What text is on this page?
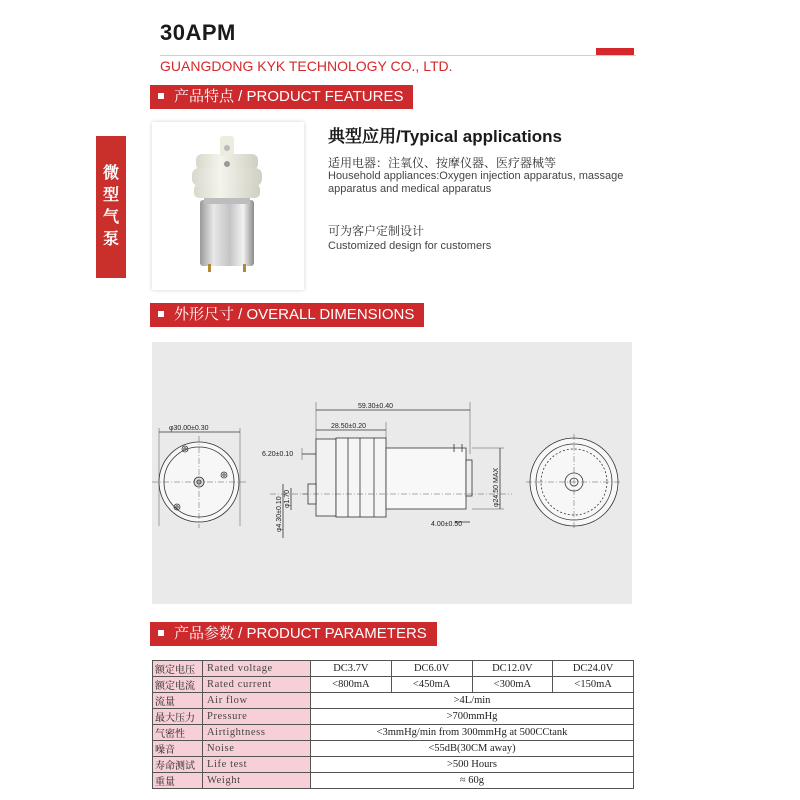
30APM
GUANGDONG KYK TECHNOLOGY CO., LTD.
产品特点 / PRODUCT FEATURES
微
型
气
泵
典型应用/Typical applications
适用电器：注氧仪、按摩仪器、医疗器械等
Household appliances:Oxygen injection apparatus, massage apparatus and medical apparatus
可为客户定制设计
Customized design for customers
外形尺寸 / OVERALL DIMENSIONS
φ30.00±0.30
59.30±0.40
28.50±0.20
6.20±0.10
4.00±0.50
φ4.30±0.10 φ1.70	φ24.50 MAX
产品参数 / PRODUCT PARAMETERS
额定电压	Rated voltage	DC3.7V	DC6.0V	DC12.0V	DC24.0V
额定电流	Rated current	<800mA	<450mA	<300mA	<150mA
流量	Air flow	>4L/min			
最大压力	Pressure	>700mmHg			
气密性	Airtightness	<3mmHg/min from 300mmHg at 500CCtank			
噪音	Noise	<55dB(30CM away)			
寿命测试	Life test	>500 Hours			
重量	Weight	≈ 60g			
